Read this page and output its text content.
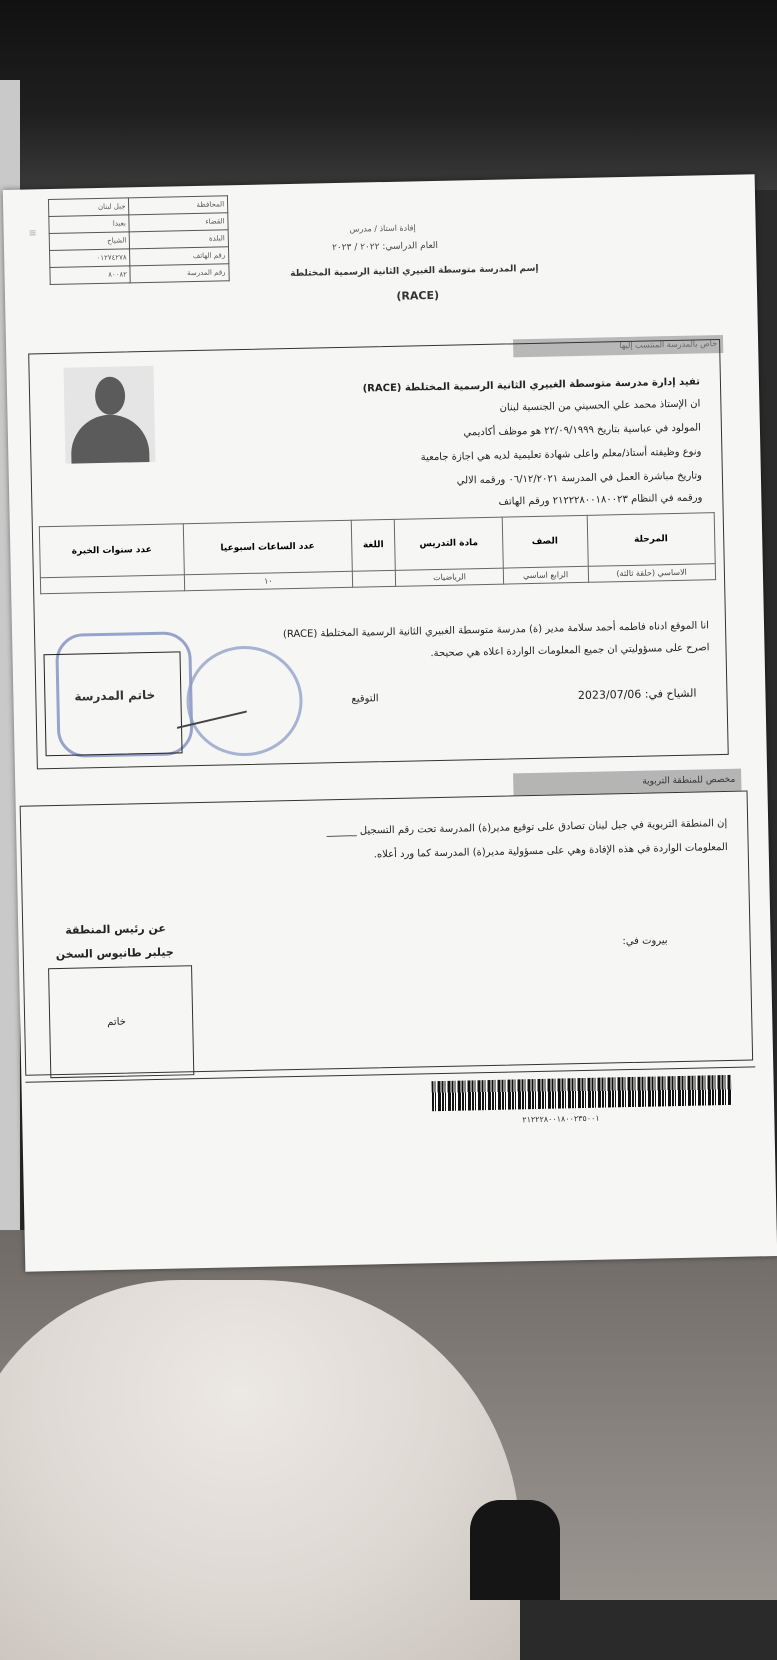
|||
جبل لبنان	المحافظة
بعبدا	القضاء
الشياح	البلدة
٠١٢٧٤٢٧٨	رقم الهاتف
٨٠٠٨٢	رقم المدرسة
إفادة استاذ / مدرس
العام الدراسي: ٢٠٢٢ / ٢٠٢٣
إسم المدرسة متوسطة الغبيري الثانية الرسمية المختلطة
(RACE)
خاص بالمدرسة المنتسب إليها
تفيد إدارة مدرسة متوسطة الغبيري الثانية الرسمية المختلطة (RACE)
ان الإستاذ محمد علي الحسيني من الجنسية لبنان
المولود في عباسية بتاريخ ٢٢/٠٩/١٩٩٩ هو موظف أكاديمي
ونوع وظيفته أستاذ/معلم واعلى شهادة تعليمية لديه هي اجازة جامعية
وتاريخ مباشرة العمل في المدرسة ٠٦/١٢/٢٠٢١ ورقمه الالي
ورقمه في النظام ٢١٢٢٢٨٠٠١٨٠٠٢٣ ورقم الهاتف
عدد سنوات الخبرة	عدد الساعات اسبوعيا	اللغة	مادة التدريس	الصف	المرحلة
	١٠		الرياضيات	الرابع اساسي	الاساسي (حلقة ثالثة)
انا الموقع ادناه فاطمه أحمد سلامة مدير (ة) مدرسة متوسطة الغبيري الثانية الرسمية المختلطة (RACE)
اصرح على مسؤوليتي ان جميع المعلومات الواردة اعلاه هي صحيحة.
الشياح في: 2023/07/06
التوقيع
خاتم المدرسة
مخصص للمنطقة التربوية
إن المنطقة التربوية في جبل لبنان تصادق على توقيع مدير(ة) المدرسة تحت رقم التسجيل ______
المعلومات الواردة في هذه الإفادة وهي على مسؤولية مدير(ة) المدرسة كما ورد أعلاه.
عن رئيس المنطقة
جيلبر طانيوس السخن
بيروت في:
خاتم
٢١٢٢٢٨٠٠١٨٠٠٢٣٥٠٠١
